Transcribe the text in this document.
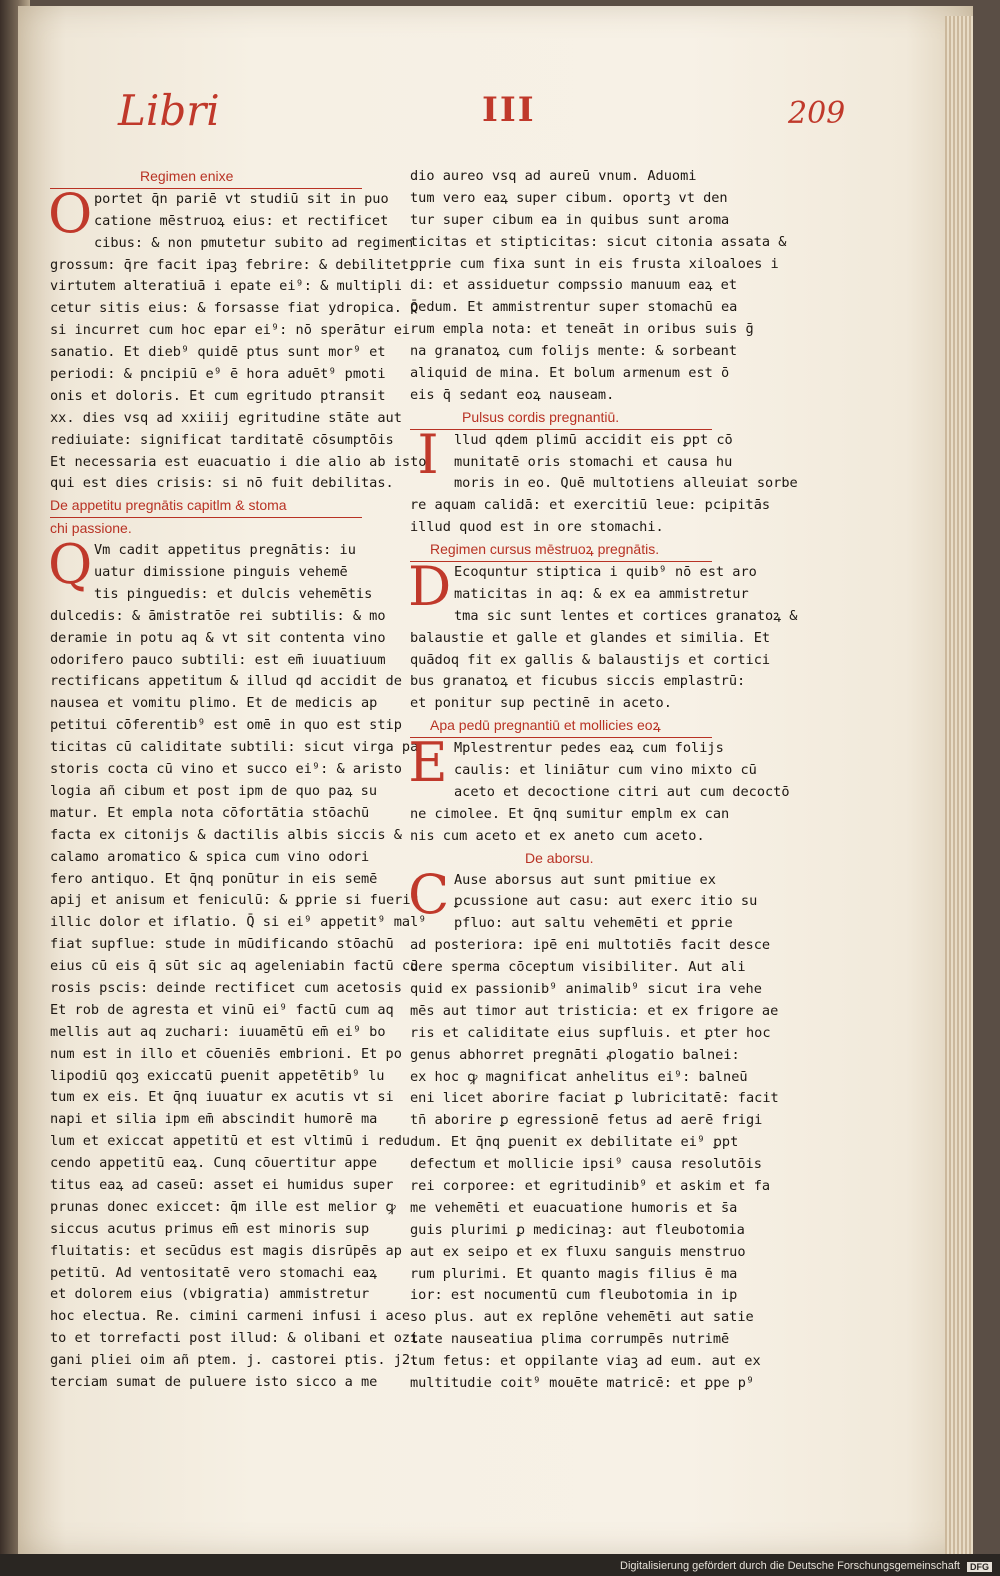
Libri	III	209
Regimen enixe
O portet q̄n pariē vt studiū sit in puo
catione mēstruoꝝ eius: et rectificet
cibus: & non pmutetur subito ad regimen
grossum: q̄re facit ipaꝫ febrire: & debilitet
virtutem alteratiuā i epate ei⁹: & multipli
cetur sitis eius: & forsasse fiat ydropica. Q̄
si incurret cum hoc epar ei⁹: nō sperātur ei
sanatio. Et dieb⁹ quidē ptus sunt mor⁹ et
periodi: & pncipiū e⁹ ē hora aduēt⁹ pmoti
onis et doloris. Et cum egritudo ptransit
xx. dies vsq ad xxiiij egritudine stāte aut
rediuiate: significat tarditatē cōsumptōis
Et necessaria est euacuatio i die alio ab isto
qui est dies crisis: si nō fuit debilitas.
De appetitu pregnātis capitlm & stoma
chi passione.
Q Vm cadit appetitus pregnātis: iu
uatur dimissione pinguis vehemē
tis pinguedis: et dulcis vehemētis
dulcedis: & āmistratōe rei subtilis: & mo
deramie in potu aq & vt sit contenta vino
odorifero pauco subtili: est em̄ iuuatiuum
rectificans appetitum & illud qd accidit de
nausea et vomitu plimo. Et de medicis ap
petitui cōferentib⁹ est omē in quo est stip
ticitas cū caliditate subtili: sicut virga pa
storis cocta cū vino et succo ei⁹: & aristo
logia añ cibum et post ipm de quo paꝝ su
matur. Et empla nota cōfortātia stōachū
facta ex citonijs & dactilis albis siccis &
calamo aromatico & spica cum vino odori
fero antiquo. Et q̄nq ponūtur in eis semē
apij et anisum et feniculū: & ꝑprie si fuerit
illic dolor et iflatio. Q̄ si ei⁹ appetit⁹ mal⁹
fiat supflue: stude in mūdificando stōachū
eius cū eis q̄ sūt sic aq ageleniabin factū cū
rosis pscis: deinde rectificet cum acetosis
Et rob de agresta et vinū ei⁹ factū cum aq
mellis aut aq zuchari: iuuamētū em̄ ei⁹ bo
num est in illo et cōueniēs embrioni. Et po
lipodiū qoꝫ exiccatū ꝑuenit appetētib⁹ lu
tum ex eis. Et q̄nq iuuatur ex acutis vt si
napi et silia ipm em̄ abscindit humorē ma
lum et exiccat appetitū et est vltimū i redu
cendo appetitū eaꝝ. Cunq cōuertitur appe
titus eaꝝ ad caseū: asset ei humidus super
prunas donec exiccet: q̄m ille est melior ꝙ
siccus acutus primus em̄ est minoris sup
fluitatis: et secūdus est magis disrūpēs ap
petitū. Ad ventositatē vero stomachi eaꝝ
et dolorem eius (vbigratia) ammistretur
hoc electua. Re. cimini carmeni infusi i ace
to et torrefacti post illud: & olibani et ozi
gani pliei oim añ ptem. j. castorei ptis. j2.
terciam sumat de puluere isto sicco a me
dio aureo vsq ad aureū vnum. Aduomi
tum vero eaꝝ super cibum. oportꝫ vt den
tur super cibum ea in quibus sunt aroma
ticitas et stipticitas: sicut citonia assata &
ꝑprie cum fixa sunt in eis frusta xiloaloes i
di: et assiduetur compssio manuum eaꝝ et
pedum. Et ammistrentur super stomachū ea
rum empla nota: et teneāt in oribus suis ḡ
na granatoꝝ cum folijs mente: & sorbeant
aliquid de mina. Et bolum armenum est ō
eis q̄ sedant eoꝝ nauseam.
Pulsus cordis pregnantiū.
I	llud qdem plimū accidit eis ꝑpt cō
munitatē oris stomachi et causa hu
moris in eo. Quē multotiens alleuiat sorbe
re aquam calidā: et exercitiū leue: pcipitās
illud quod est in ore stomachi.
Regimen cursus mēstruoꝝ pregnātis.
D Ecoquntur stiptica i quib⁹ nō est aro
maticitas in aq: & ex ea ammistretur
tma sic sunt lentes et cortices granatoꝝ &
balaustie et galle et glandes et similia. Et
quādoq fit ex gallis & balaustijs et cortici
bus granatoꝝ et ficubus siccis emplastrū:
et ponitur sup pectinē in aceto.
Apa pedū pregnantiū et mollicies eoꝝ
E Mplestrentur pedes eaꝝ cum folijs
caulis: et liniātur cum vino mixto cū
aceto et decoctione citri aut cum decoctō
ne cimolee. Et q̄nq sumitur emplm ex can
nis cum aceto et ex aneto cum aceto.
De aborsu.
C Ause aborsus aut sunt pmitiue ex
ꝑcussione aut casu: aut exerc itio su
pfluo: aut saltu vehemēti et ꝑprie
ad posteriora: ipē eni multotiēs facit desce
dere sperma cōceptum visibiliter. Aut ali
quid ex passionib⁹ animalib⁹ sicut ira vehe
mēs aut timor aut tristicia: et ex frigore ae
ris et caliditate eius supfluis. et ꝑter hoc
genus abhorret pregnāti ꝓlogatio balnei:
ex hoc ꝙ magnificat anhelitus ei⁹: balneū
eni licet aborire faciat ꝑ lubricitatē: facit
tn̄ aborire ꝑ egressionē fetus ad aerē frigi
dum. Et q̄nq ꝑuenit ex debilitate ei⁹ ꝑpt
defectum et mollicie ipsi⁹ causa resolutōis
rei corporee: et egritudinib⁹ et askim et fa
me vehemēti et euacuatione humoris et s̄a
guis plurimi ꝑ medicinaꝫ: aut fleubotomia
aut ex seipo et ex fluxu sanguis menstruo
rum plurimi. Et quanto magis filius ē ma
ior: est nocumentū cum fleubotomia in ip
so plus. aut ex replōne vehemēti aut satie
tate nauseatiua plima corrumpēs nutrimē
tum fetus: et oppilante viaꝫ ad eum. aut ex
multitudie coit⁹ mouēte matricē: et ꝑpe p⁹
Digitalisierung gefördert durch die Deutsche Forschungsgemeinschaft	DFG
